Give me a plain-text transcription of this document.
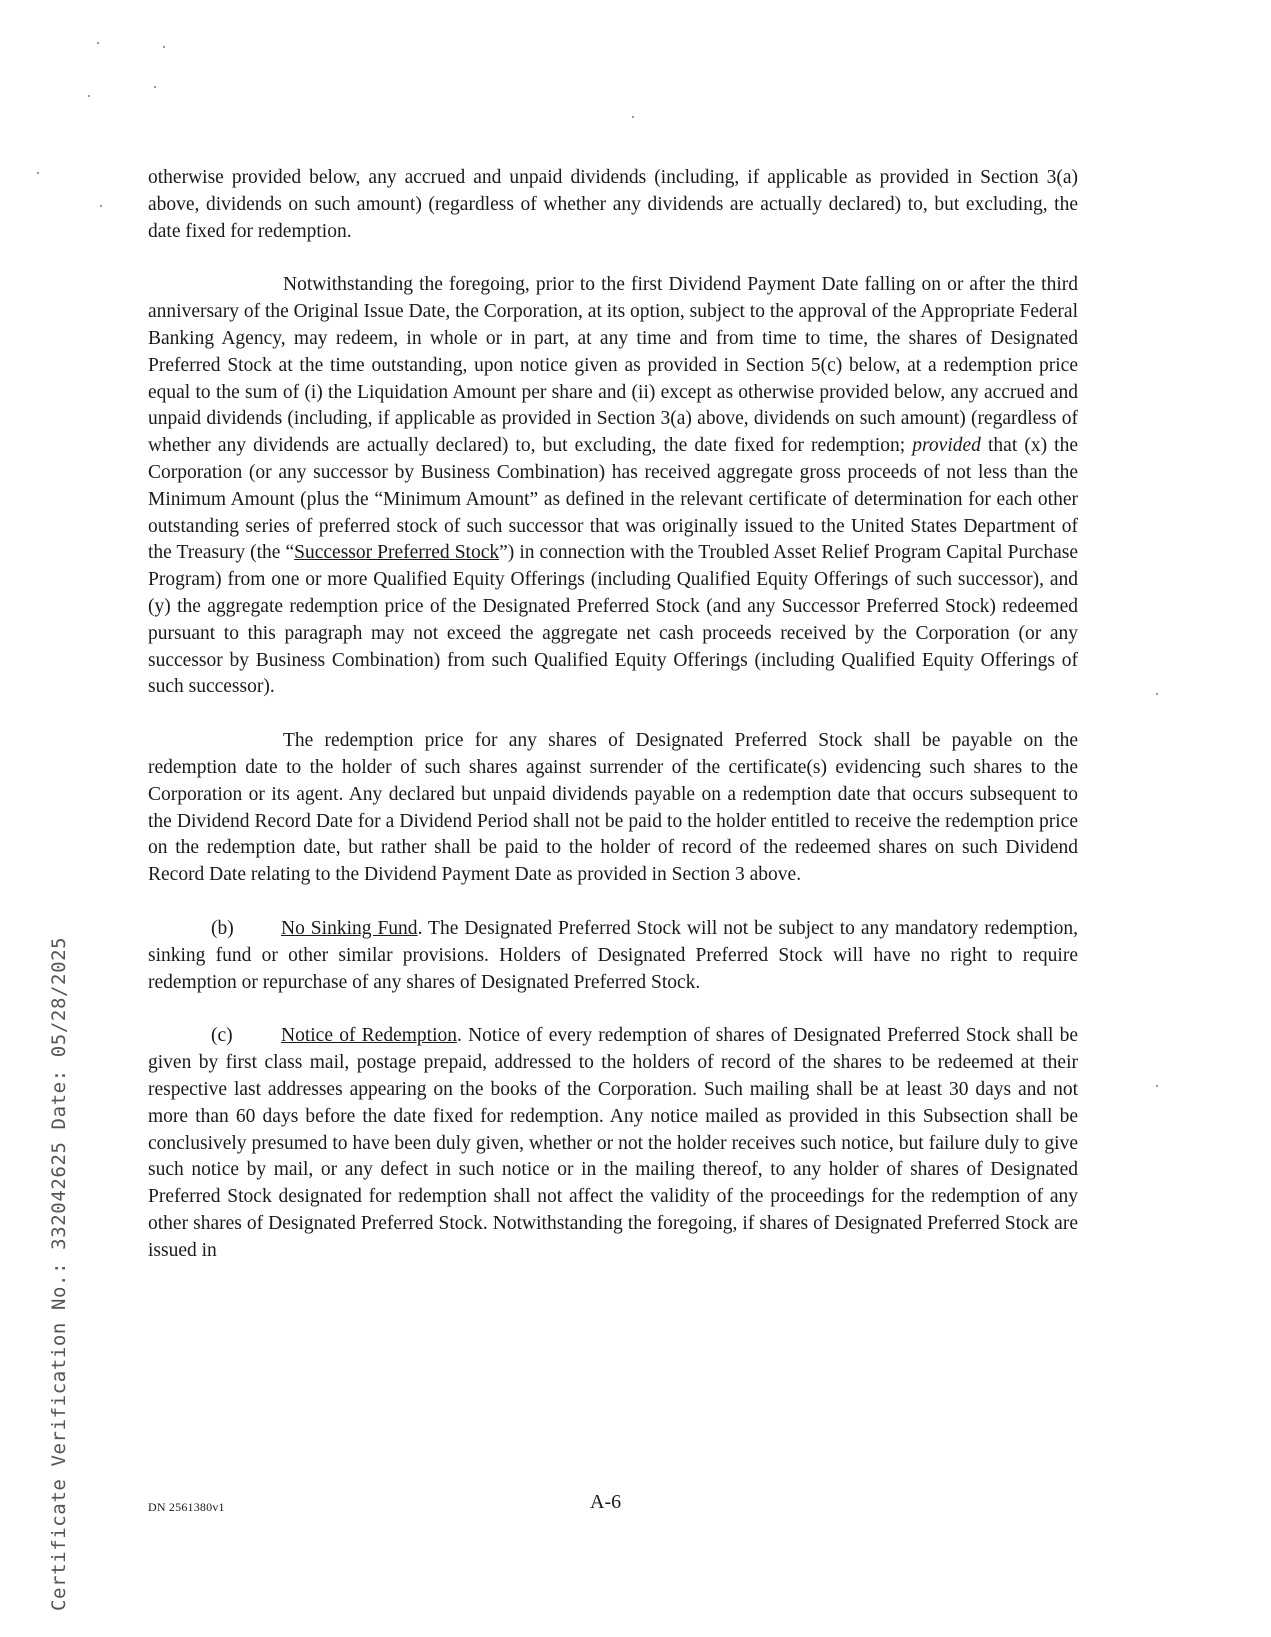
otherwise provided below, any accrued and unpaid dividends (including, if applicable as provided in Section 3(a) above, dividends on such amount) (regardless of whether any dividends are actually declared) to, but excluding, the date fixed for redemption.

Notwithstanding the foregoing, prior to the first Dividend Payment Date falling on or after the third anniversary of the Original Issue Date, the Corporation, at its option, subject to the approval of the Appropriate Federal Banking Agency, may redeem, in whole or in part, at any time and from time to time, the shares of Designated Preferred Stock at the time outstanding, upon notice given as provided in Section 5(c) below, at a redemption price equal to the sum of (i) the Liquidation Amount per share and (ii) except as otherwise provided below, any accrued and unpaid dividends (including, if applicable as provided in Section 3(a) above, dividends on such amount) (regardless of whether any dividends are actually declared) to, but excluding, the date fixed for redemption; provided that (x) the Corporation (or any successor by Business Combination) has received aggregate gross proceeds of not less than the Minimum Amount (plus the “Minimum Amount” as defined in the relevant certificate of determination for each other outstanding series of preferred stock of such successor that was originally issued to the United States Department of the Treasury (the “Successor Preferred Stock”) in connection with the Troubled Asset Relief Program Capital Purchase Program) from one or more Qualified Equity Offerings (including Qualified Equity Offerings of such successor), and (y) the aggregate redemption price of the Designated Preferred Stock (and any Successor Preferred Stock) redeemed pursuant to this paragraph may not exceed the aggregate net cash proceeds received by the Corporation (or any successor by Business Combination) from such Qualified Equity Offerings (including Qualified Equity Offerings of such successor).

The redemption price for any shares of Designated Preferred Stock shall be payable on the redemption date to the holder of such shares against surrender of the certificate(s) evidencing such shares to the Corporation or its agent. Any declared but unpaid dividends payable on a redemption date that occurs subsequent to the Dividend Record Date for a Dividend Period shall not be paid to the holder entitled to receive the redemption price on the redemption date, but rather shall be paid to the holder of record of the redeemed shares on such Dividend Record Date relating to the Dividend Payment Date as provided in Section 3 above.

(b) No Sinking Fund. The Designated Preferred Stock will not be subject to any mandatory redemption, sinking fund or other similar provisions. Holders of Designated Preferred Stock will have no right to require redemption or repurchase of any shares of Designated Preferred Stock.

(c) Notice of Redemption. Notice of every redemption of shares of Designated Preferred Stock shall be given by first class mail, postage prepaid, addressed to the holders of record of the shares to be redeemed at their respective last addresses appearing on the books of the Corporation. Such mailing shall be at least 30 days and not more than 60 days before the date fixed for redemption. Any notice mailed as provided in this Subsection shall be conclusively presumed to have been duly given, whether or not the holder receives such notice, but failure duly to give such notice by mail, or any defect in such notice or in the mailing thereof, to any holder of shares of Designated Preferred Stock designated for redemption shall not affect the validity of the proceedings for the redemption of any other shares of Designated Preferred Stock. Notwithstanding the foregoing, if shares of Designated Preferred Stock are issued in

DN 2561380v1	A-6
Certificate Verification No.: 332042625 Date: 05/28/2025
